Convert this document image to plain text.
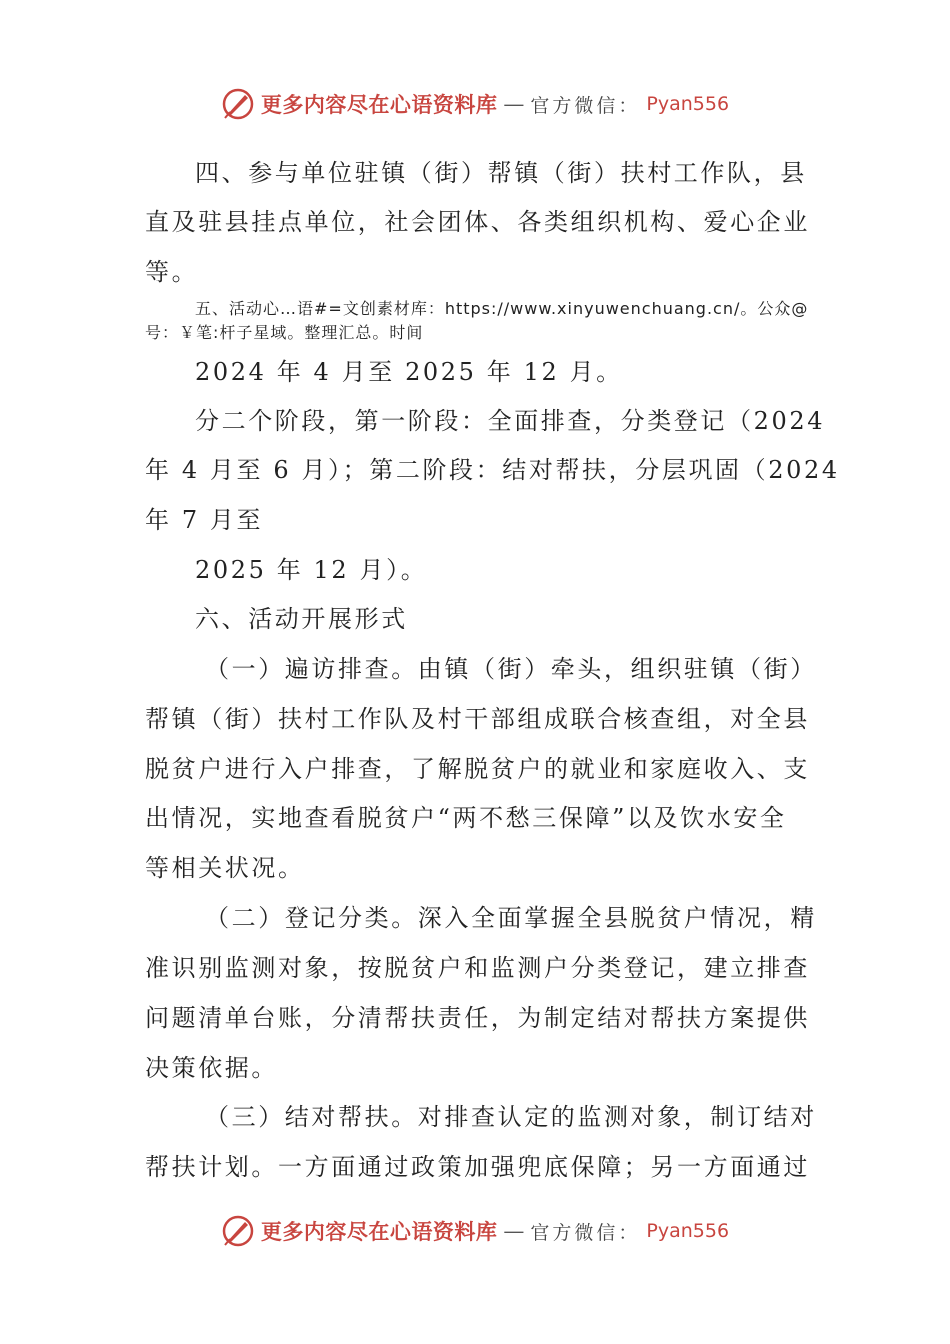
更多内容尽在心语资料库 — 官方微信： Pyan556
四、参与单位驻镇（街）帮镇（街）扶村工作队，县
直及驻县挂点单位，社会团体、各类组织机构、爱心企业
等。
五、活动心…语#=文创素材库：https://www.xinyuwenchuang.cn/。公众@
号：￥笔:杆子星域。整理汇总。时间
2024 年 4 月至 2025 年 12 月。
分二个阶段，第一阶段：全面排查，分类登记（2024
年 4 月至 6 月）；第二阶段：结对帮扶，分层巩固（2024
年 7 月至
2025 年 12 月）。
六、活动开展形式
（一）遍访排查。由镇（街）牵头，组织驻镇（街）
帮镇（街）扶村工作队及村干部组成联合核查组，对全县
脱贫户进行入户排查，了解脱贫户的就业和家庭收入、支
出情况，实地查看脱贫户“两不愁三保障”以及饮水安全
等相关状况。
（二）登记分类。深入全面掌握全县脱贫户情况，精
准识别监测对象，按脱贫户和监测户分类登记，建立排查
问题清单台账，分清帮扶责任，为制定结对帮扶方案提供
决策依据。
（三）结对帮扶。对排查认定的监测对象，制订结对
帮扶计划。一方面通过政策加强兜底保障；另一方面通过
更多内容尽在心语资料库 — 官方微信： Pyan556
